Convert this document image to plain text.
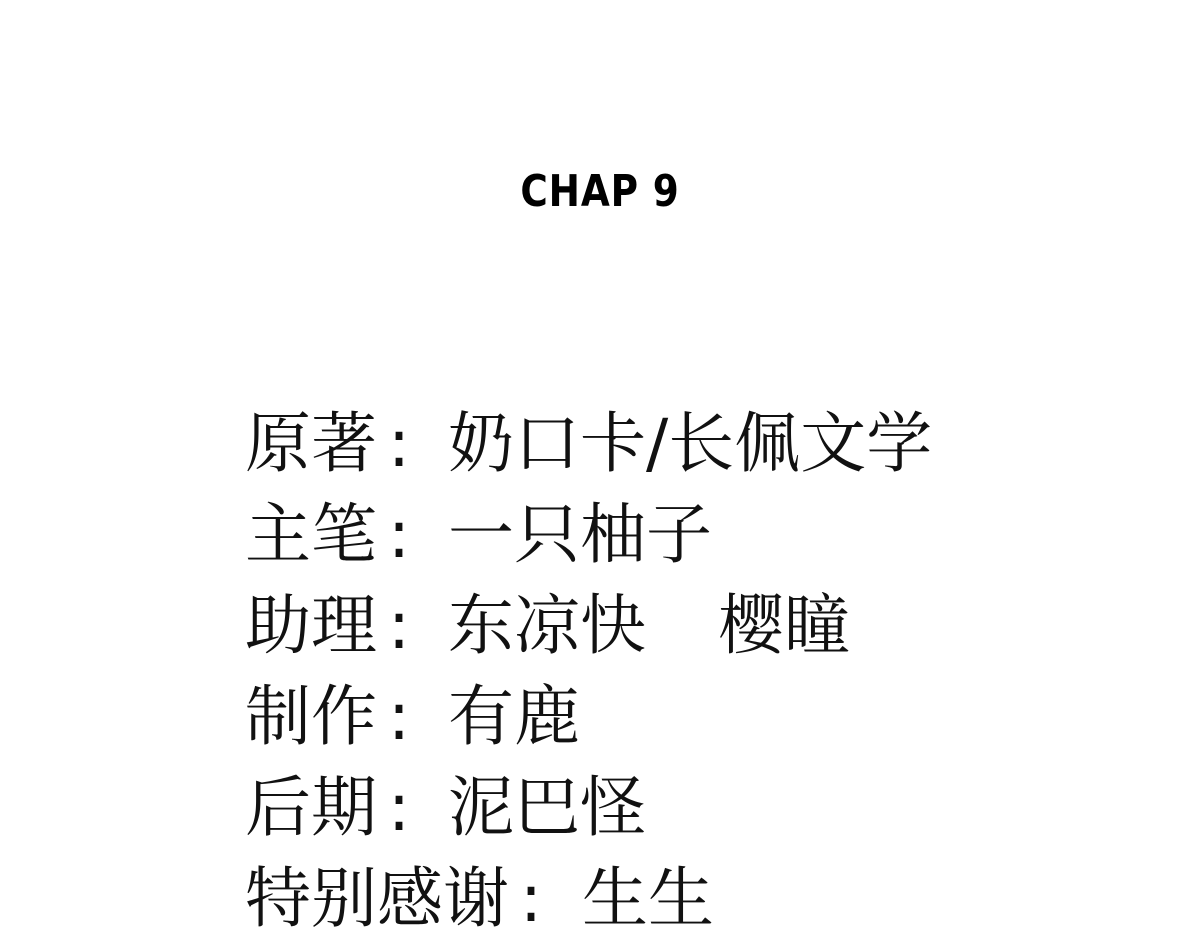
CHAP 9
原著 : 奶口卡/长佩文学
主笔 : 一只柚子
助理 : 东凉快 樱瞳
制作 : 有鹿
后期 : 泥巴怪
特别感谢 : 生生
